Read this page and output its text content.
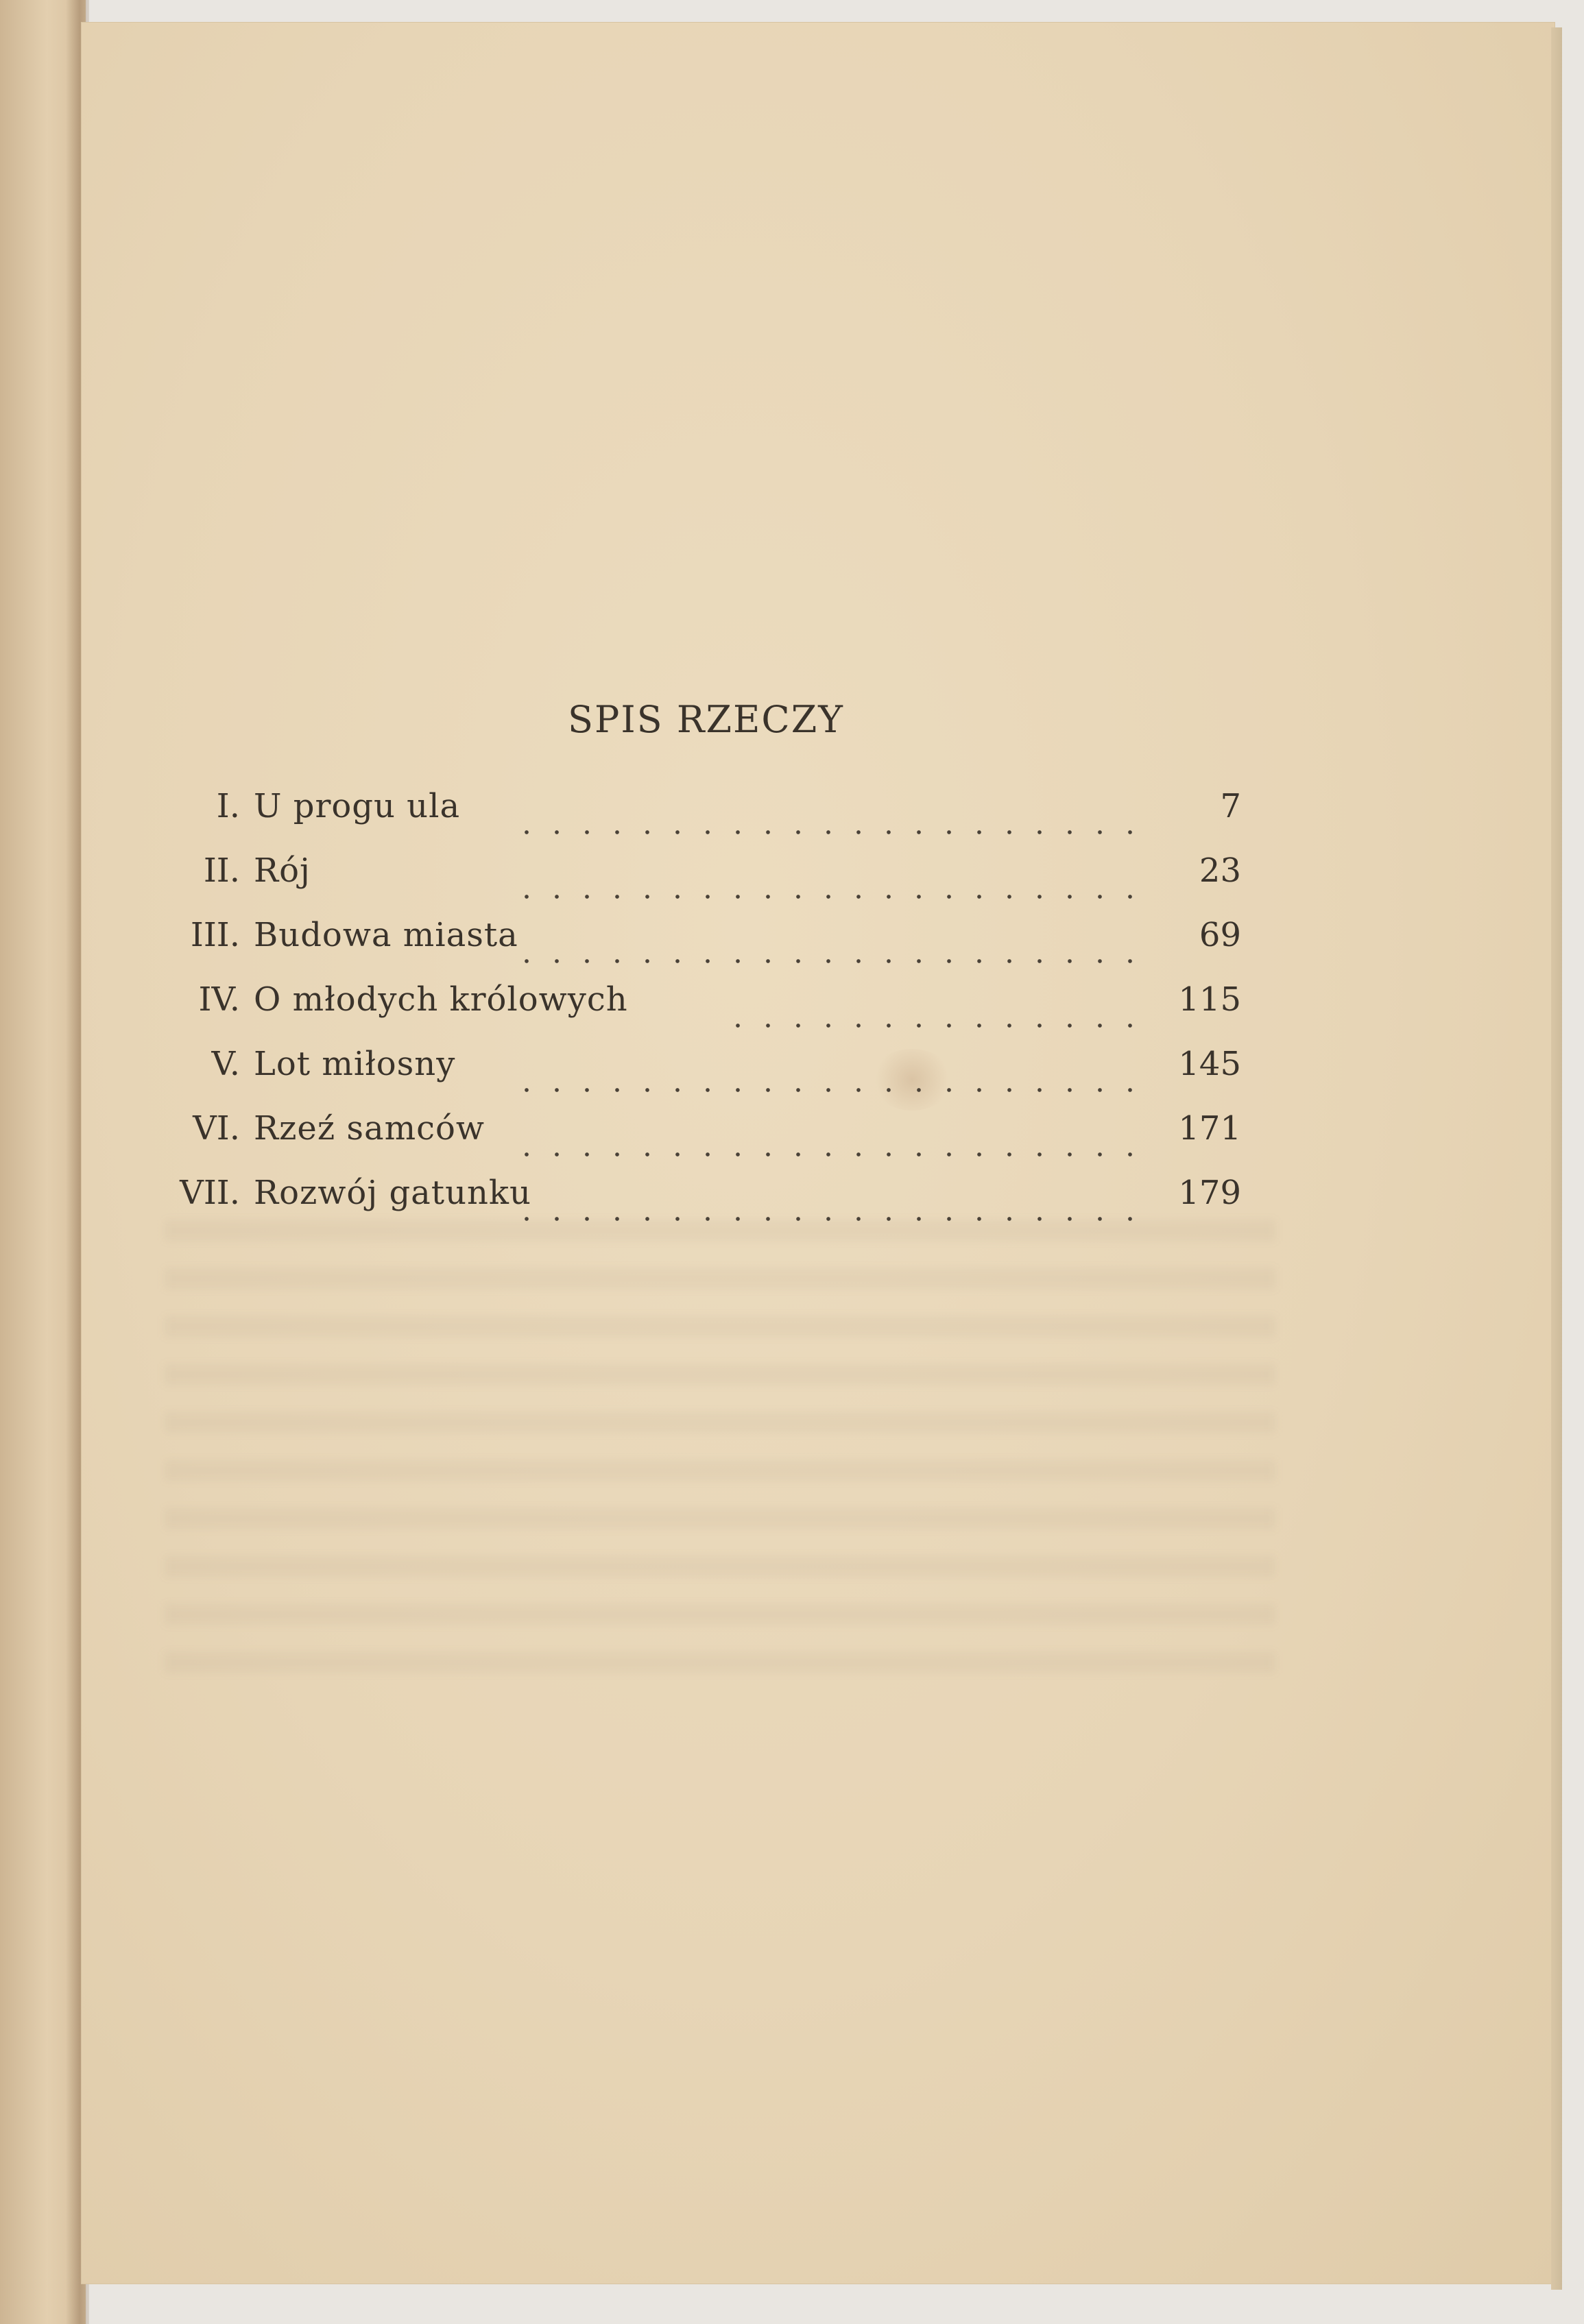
SPIS RZECZY
I. U progu ula	7
II. Rój	23
III. Budowa miasta	69
IV. O młodych królowych	115
V. Lot miłosny	145
VI. Rzeź samców	171
VII. Rozwój gatunku	179
